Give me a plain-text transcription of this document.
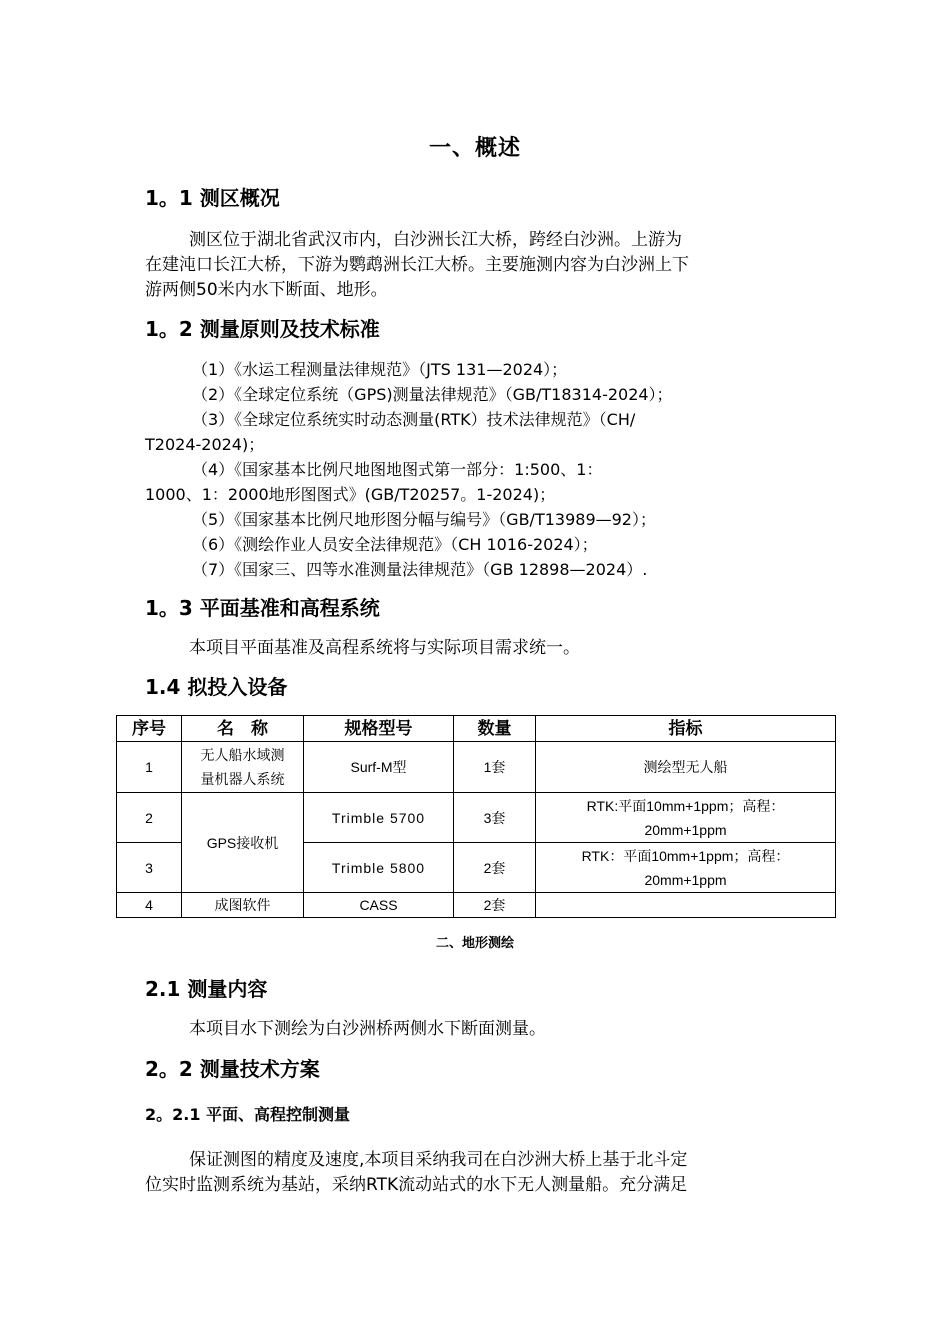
一、概述
1。1 测区概况
测区位于湖北省武汉市内，白沙洲长江大桥，跨经白沙洲。上游为
在建沌口长江大桥，下游为鹦鹉洲长江大桥。主要施测内容为白沙洲上下
游两侧50米内水下断面、地形。
1。2 测量原则及技术标准
（1）《水运工程测量法律规范》（JTS 131—2024）；
（2）《全球定位系统（GPS)测量法律规范》（GB/T18314-2024）；
（3）《全球定位系统实时动态测量(RTK）技术法律规范》（CH/
T2024-2024)；
（4）《国家基本比例尺地图地图式第一部分：1:500、1：
1000、1：2000地形图图式》(GB/T20257。1-2024)；
（5）《国家基本比例尺地形图分幅与编号》（GB/T13989—92）；
（6）《测绘作业人员安全法律规范》（CH 1016-2024）；
（7）《国家三、四等水准测量法律规范》（GB 12898—2024）.
1。3 平面基准和高程系统
本项目平面基准及高程系统将与实际项目需求统一。
1.4 拟投入设备
序号	名　称	规格型号	数量	指标
1	无人船水域测
量机器人系统	Surf-M型	1套	测绘型无人船
2	GPS接收机	Trimble 5700	3套	RTK:平面10mm+1ppm；高程：
20mm+1ppm

3		Trimble 5800	2套	RTK：平面10mm+1ppm；高程：
20mm+1ppm

4	成图软件	CASS	2套	
二、地形测绘
2.1 测量内容
本项目水下测绘为白沙洲桥两侧水下断面测量。
2。2 测量技术方案
2。2.1 平面、高程控制测量
保证测图的精度及速度,本项目采纳我司在白沙洲大桥上基于北斗定
位实时监测系统为基站，采纳RTK流动站式的水下无人测量船。充分满足
